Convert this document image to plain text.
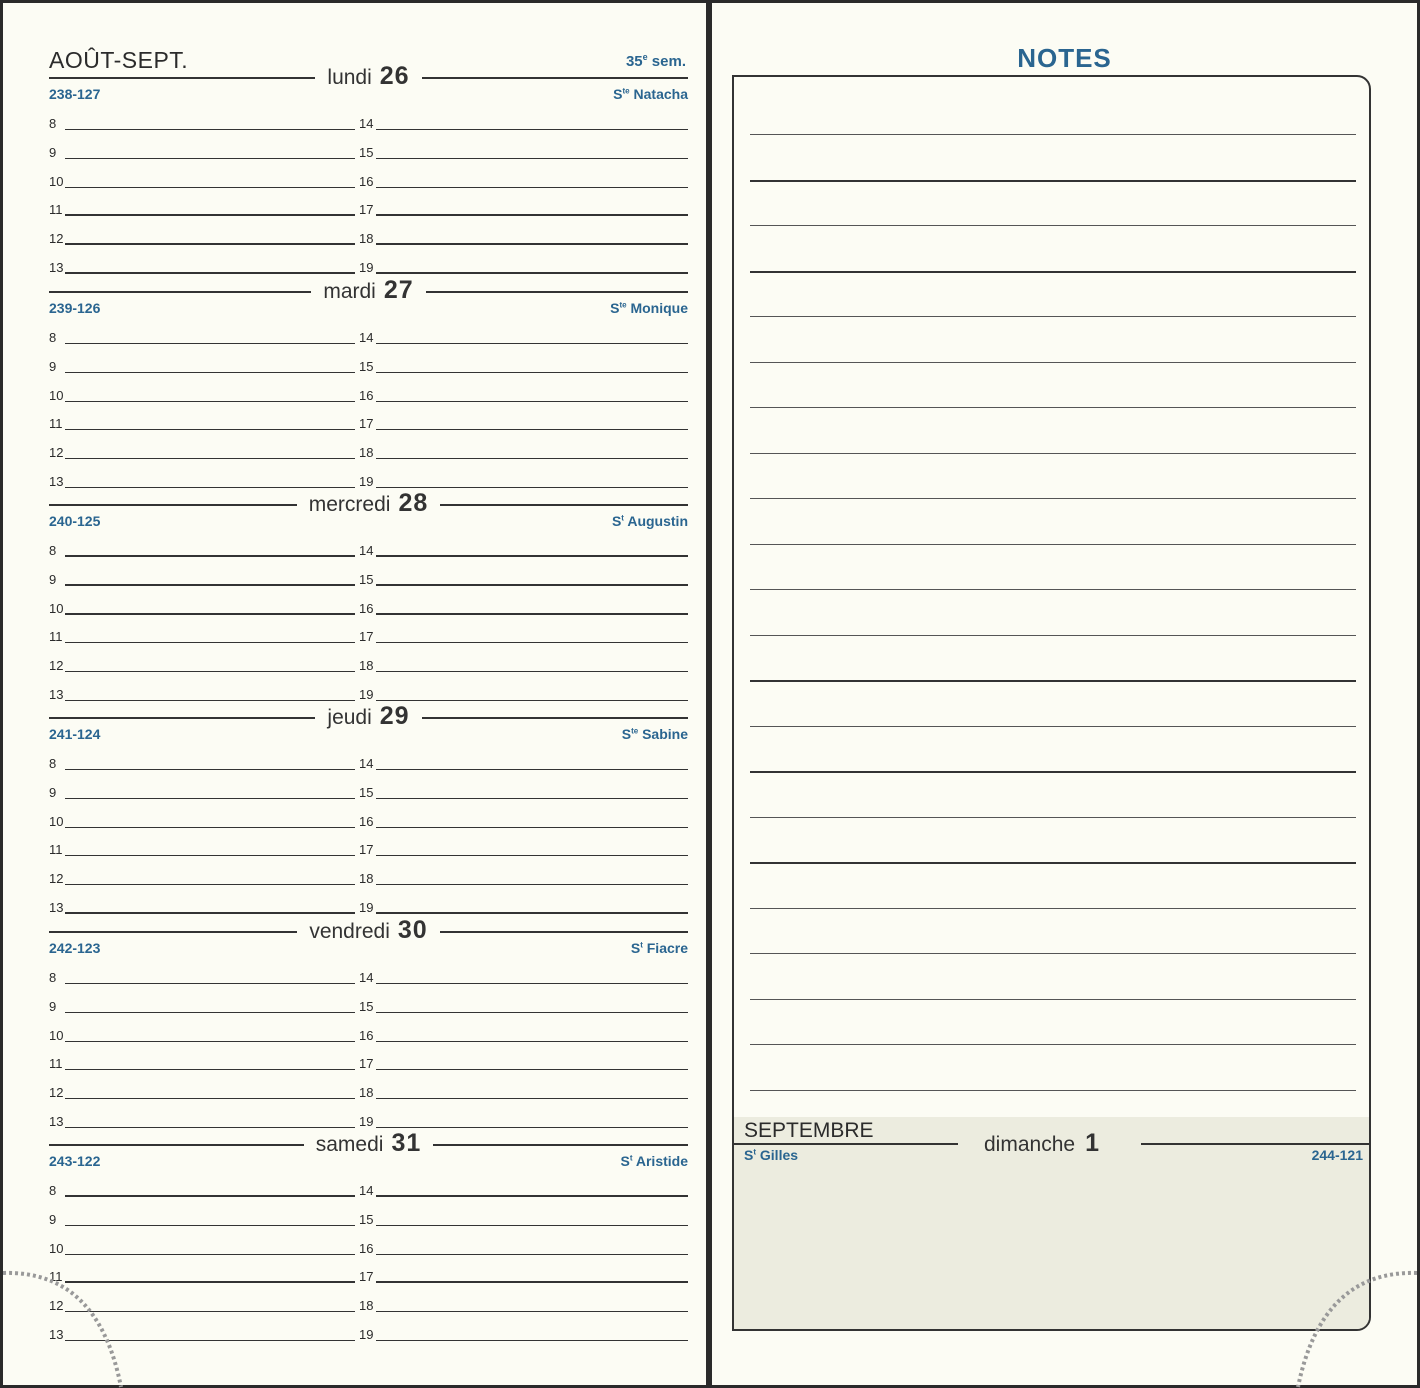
AOÛT-SEPT.	35e sem.
lundi 26
238-127	$S^{te}$ Natacha
8	14
9	15
10	16
11	17
12	18
13	19
mardi 27
239-126	$S^{te}$ Monique
8	14
9	15
10	16
11	17
12	18
13	19
mercredi 28
240-125	$S^t$ Augustin
8	14
9	15
10	16
11	17
12	18
13	19
jeudi 29
241-124	$S^{te}$ Sabine
8	14
9	15
10	16
11	17
12	18
13	19
vendredi 30
242-123	$S^t$ Fiacre
8	14
9	15
10	16
11	17
12	18
13	19
samedi 31
243-122	$S^t$ Aristide
8	14
9	15
10	16
11	17
12	18
13	19
NOTES
SEPTEMBRE
dimanche 1
$S^t$ Gilles	244-121
